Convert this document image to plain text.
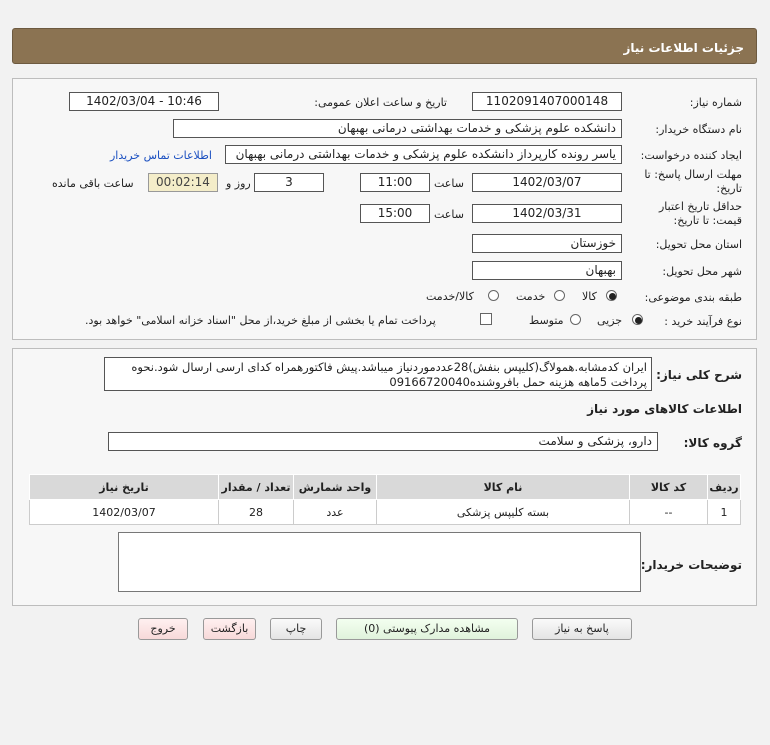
جزئیات اطلاعات نیاز
شماره نیاز:
1102091407000148
تاریخ و ساعت اعلان عمومی:
1402/03/04 - 10:46
نام دستگاه خریدار:
دانشکده علوم پزشکی و خدمات بهداشتی درمانی بهبهان
ایجاد کننده درخواست:
یاسر رونده کارپرداز دانشکده علوم پزشکی و خدمات بهداشتی درمانی بهبهان
اطلاعات تماس خریدار
مهلت ارسال پاسخ: تا تاریخ:
1402/03/07
ساعت
11:00
3
روز و
00:02:14
ساعت باقی مانده
حداقل تاریخ اعتبار قیمت: تا تاریخ:
1402/03/31
ساعت
15:00
استان محل تحویل:
خوزستان
شهر محل تحویل:
بهبهان
طبقه بندی موضوعی:
کالا
خدمت
کالا/خدمت
نوع فرآیند خرید :
جزیی
متوسط
پرداخت تمام یا بخشی از مبلغ خرید،از محل "اسناد خزانه اسلامی" خواهد بود.
شرح کلی نیاز:
ایران کدمشابه.همولاگ(کلیپس بنفش)28عددموردنیاز میباشد.پیش فاکتورهمراه کدای ارسی ارسال شود.نحوه پرداخت 5ماهه هزینه حمل بافروشنده09166720040
اطلاعات کالاهای مورد نیاز
گروه کالا:
دارو، پزشکی و سلامت
ردیف	کد کالا	نام کالا	واحد شمارش	تعداد / مقدار	تاریخ نیاز
1	--	بسته کلیپس پزشکی	عدد	28	1402/03/07
توضیحات خریدار:
پاسخ به نیاز
مشاهده مدارک پیوستی (0)
چاپ
بازگشت
خروج
